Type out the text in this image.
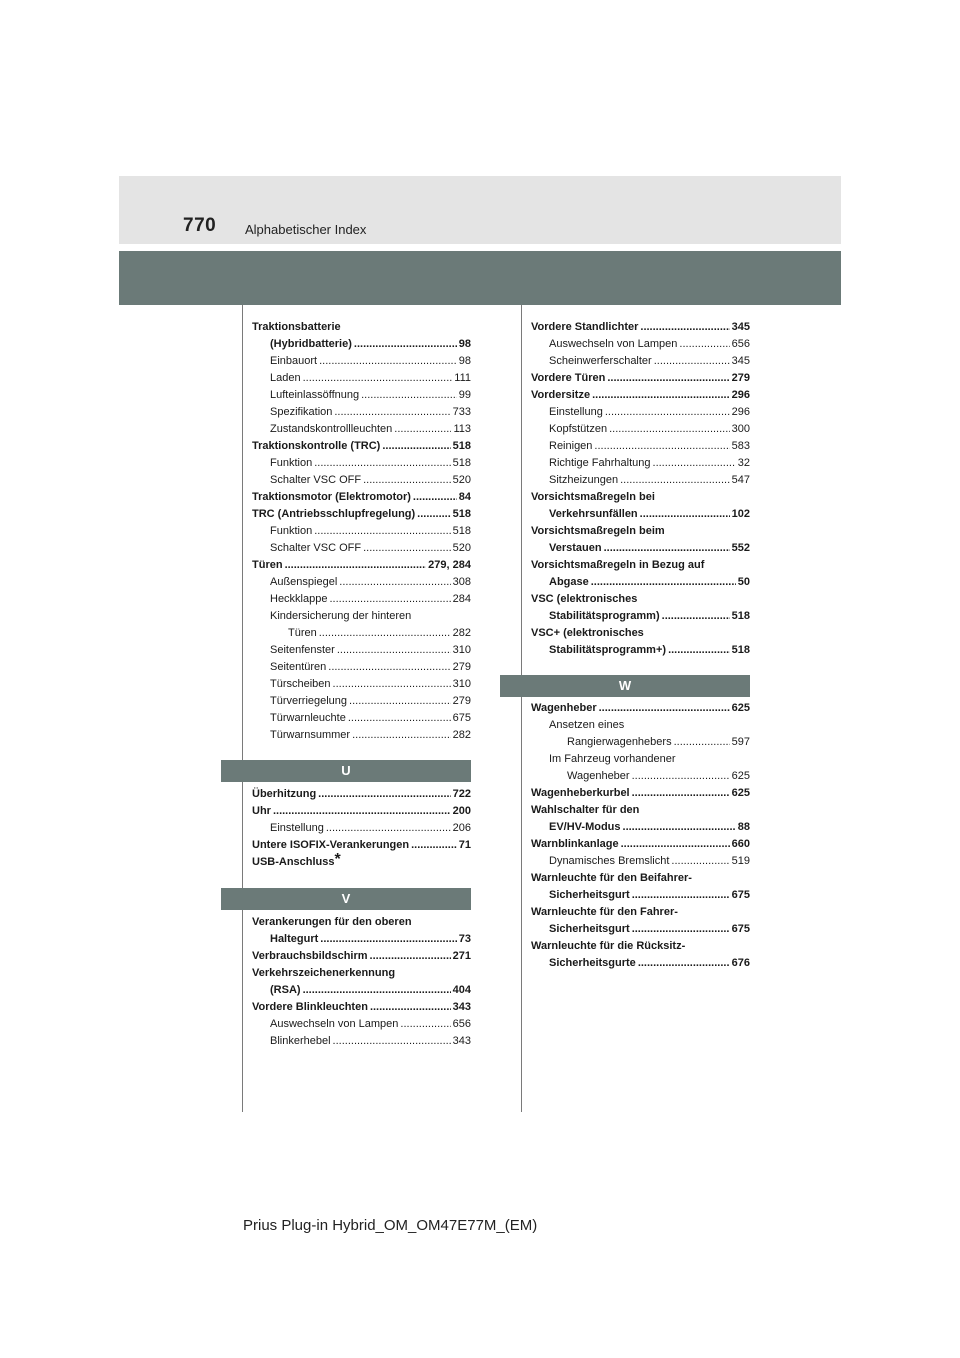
770 Alphabetischer Index
Traktionsbatterie
(Hybridbatterie) .....	98
Einbauort .....	98
Laden .....	111
Lufteinlassöffnung .....	99
Spezifikation .....	733
Zustandskontrollleuchten .....	113
Traktionskontrolle (TRC) .....	518
Funktion .....	518
Schalter VSC OFF .....	520
Traktionsmotor (Elektromotor) .....	84
TRC (Antriebsschlupfregelung) .....	518
Funktion .....	518
Schalter VSC OFF .....	520
Türen .....	279, 284
Außenspiegel .....	308
Heckklappe .....	284
Kindersicherung der hinteren
Türen .....	282
Seitenfenster .....	310
Seitentüren .....	279
Türscheiben .....	310
Türverriegelung .....	279
Türwarnleuchte .....	675
Türwarnsummer .....	282
U
Überhitzung .....	722
Uhr .....	200
Einstellung .....	206
Untere ISOFIX-Verankerungen .....	71
USB-Anschluss*
V
Verankerungen für den oberen
Haltegurt .....	73
Verbrauchsbildschirm .....	271
Verkehrszeichenerkennung
(RSA) .....	404
Vordere Blinkleuchten .....	343
Auswechseln von Lampen .....	656
Blinkerhebel .....	343
Vordere Standlichter .....	345
Auswechseln von Lampen .....	656
Scheinwerferschalter .....	345
Vordere Türen .....	279
Vordersitze .....	296
Einstellung .....	296
Kopfstützen .....	300
Reinigen .....	583
Richtige Fahrhaltung .....	32
Sitzheizungen .....	547
Vorsichtsmaßregeln bei
Verkehrsunfällen .....	102
Vorsichtsmaßregeln beim
Verstauen .....	552
Vorsichtsmaßregeln in Bezug auf
Abgase .....	50
VSC (elektronisches
Stabilitätsprogramm) .....	518
VSC+ (elektronisches
Stabilitätsprogramm+) .....	518
W
Wagenheber .....	625
Ansetzen eines
Rangierwagenhebers .....	597
Im Fahrzeug vorhandener
Wagenheber .....	625
Wagenheberkurbel .....	625
Wahlschalter für den
EV/HV-Modus .....	88
Warnblinkanlage .....	660
Dynamisches Bremslicht .....	519
Warnleuchte für den Beifahrer-
Sicherheitsgurt .....	675
Warnleuchte für den Fahrer-
Sicherheitsgurt .....	675
Warnleuchte für die Rücksitz-
Sicherheitsgurte .....	676
Prius Plug-in Hybrid_OM_OM47E77M_(EM)
